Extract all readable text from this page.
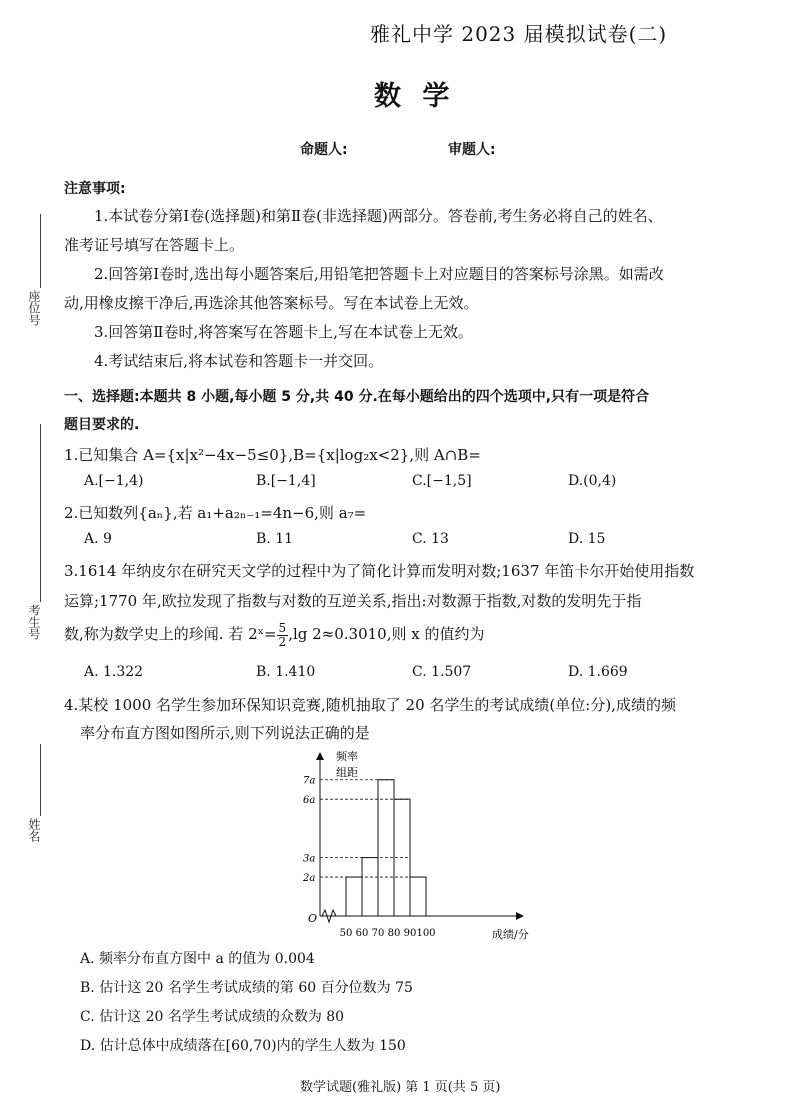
雅礼中学 2023 届模拟试卷(二)
数 学
命题人:	审题人:
座位号
考生号
姓名
注意事项:
1.本试卷分第Ⅰ卷(选择题)和第Ⅱ卷(非选择题)两部分。答卷前,考生务必将自己的姓名、
准考证号填写在答题卡上。
2.回答第Ⅰ卷时,选出每小题答案后,用铅笔把答题卡上对应题目的答案标号涂黑。如需改
动,用橡皮擦干净后,再选涂其他答案标号。写在本试卷上无效。
3.回答第Ⅱ卷时,将答案写在答题卡上,写在本试卷上无效。
4.考试结束后,将本试卷和答题卡一并交回。
一、选择题:本题共 8 小题,每小题 5 分,共 40 分.在每小题给出的四个选项中,只有一项是符合
题目要求的.
1.已知集合 A={x|x²−4x−5≤0},B={x|log₂x<2},则 A∩B=
A.[−1,4)	B.[−1,4]	C.[−1,5]	D.(0,4)
2.已知数列{aₙ},若 a₁+a₂ₙ₋₁=4n−6,则 a₇=
A. 9	B. 11	C. 13	D. 15
3.1614 年纳皮尔在研究天文学的过程中为了简化计算而发明对数;1637 年笛卡尔开始使用指数
运算;1770 年,欧拉发现了指数与对数的互逆关系,指出:对数源于指数,对数的发明先于指
数,称为数学史上的珍闻. 若 2ˣ= $\frac{5}{2} ,\lg$ 2≈0.3010,则 x 的值约为
A. 1.322	B. 1.410	C. 1.507	D. 1.669
4.某校 1000 名学生参加环保知识竞赛,随机抽取了 20 名学生的考试成绩(单位:分),成绩的频
率分布直方图如图所示,则下列说法正确的是
频率
组距
O
成绩/分
2a
3a
6a
7a
50 60 70 80 90 100
A. 频率分布直方图中 a 的值为 0.004
B. 估计这 20 名学生考试成绩的第 60 百分位数为 75
C. 估计这 20 名学生考试成绩的众数为 80
D. 估计总体中成绩落在[60,70)内的学生人数为 150
数学试题(雅礼版) 第 1 页(共 5 页)
